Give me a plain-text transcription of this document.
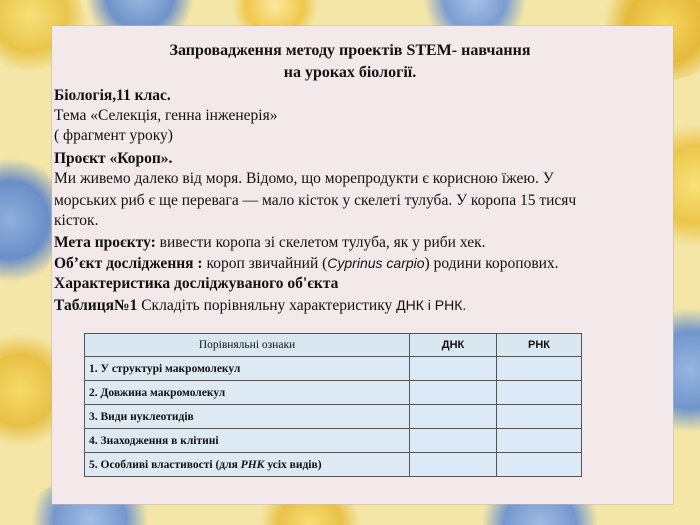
Запровадження методу проектів STEM- навчання
на уроках біології.
Біологія,11 клас.
Тема «Селекція, генна інженерія»
( фрагмент уроку)
Проєкт «Короп».
Ми живемо далеко від моря. Відомо, що морепродукти є корисною їжею. У
морських риб є ще перевага — мало кісток у скелеті тулуба. У коропа 15 тисяч
кісток.
Мета проєкту: вивести коропа зі скелетом тулуба, як у риби хек.
Об’єкт дослідження : короп звичайний (Cyprinus carpio) родини коропових.
Характеристика досліджуваного об'єкта
Таблиця№1 Складіть порівняльну характеристику ДНК і РНК.
Порівняльні ознаки	ДНК	РНК
1. У структурі макромолекул		
2. Довжина макромолекул		
3. Види нуклеотидів		
4. Знаходження в клітині		
5. Особливі властивості (для РНК усіх видів)		
